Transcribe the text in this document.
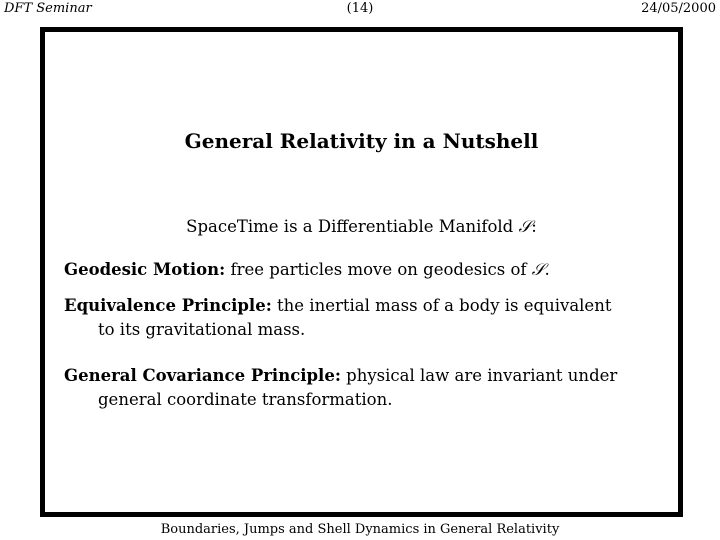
DFT Seminar	(14)	24/05/2000
General Relativity in a Nutshell
SpaceTime is a Differentiable Manifold 𝒮:
Geodesic Motion: free particles move on geodesics of 𝒮.
Equivalence Principle: the inertial mass of a body is equivalent
to its gravitational mass.
General Covariance Principle: physical law are invariant under
general coordinate transformation.
Boundaries, Jumps and Shell Dynamics in General Relativity
